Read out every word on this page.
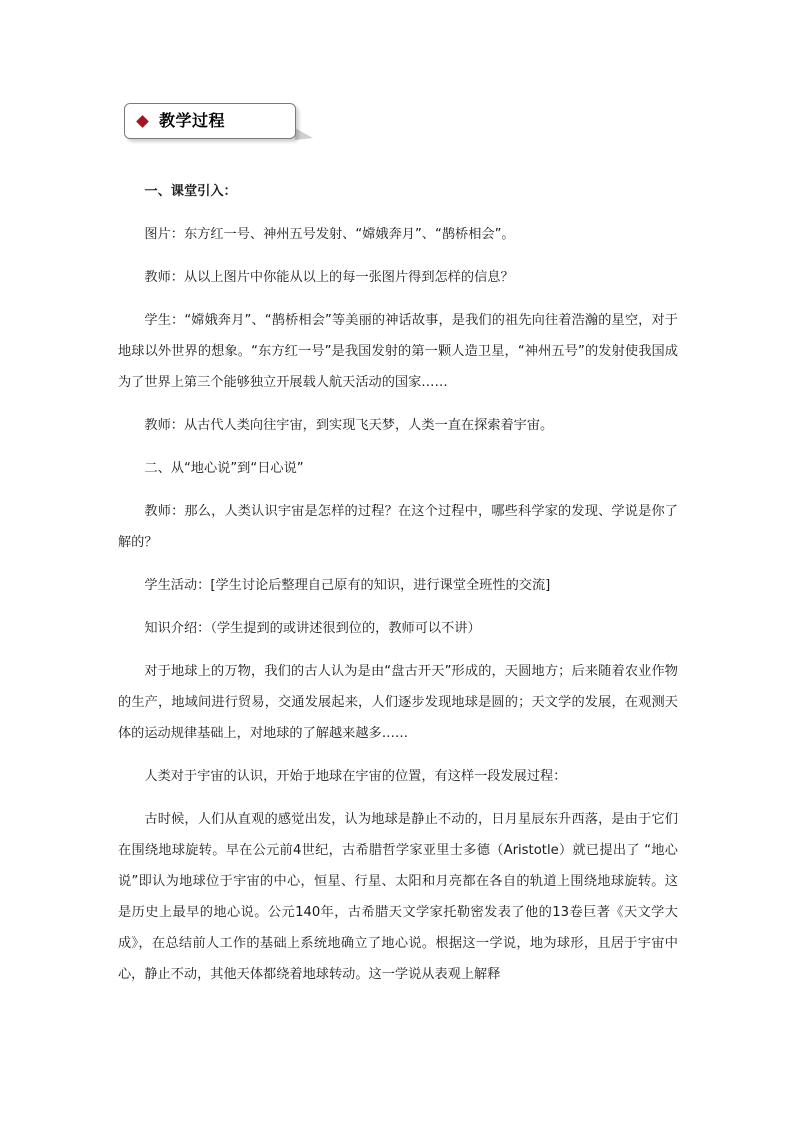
教学过程

一、课堂引入：

图片：东方红一号、神州五号发射、“嫦娥奔月”、“鹊桥相会”。

教师：从以上图片中你能从以上的每一张图片得到怎样的信息？

学生：“嫦娥奔月”、“鹊桥相会”等美丽的神话故事，是我们的祖先向往着浩瀚的星空，对于地球以外世界的想象。“东方红一号”是我国发射的第一颗人造卫星，“神州五号”的发射使我国成为了世界上第三个能够独立开展载人航天活动的国家……

教师：从古代人类向往宇宙，到实现飞天梦，人类一直在探索着宇宙。

二、从“地心说”到“日心说”

教师：那么，人类认识宇宙是怎样的过程？在这个过程中，哪些科学家的发现、学说是你了解的？

学生活动：[学生讨论后整理自己原有的知识，进行课堂全班性的交流]

知识介绍：（学生提到的或讲述很到位的，教师可以不讲）

对于地球上的万物，我们的古人认为是由“盘古开天”形成的，天圆地方；后来随着农业作物的生产，地域间进行贸易，交通发展起来，人们逐步发现地球是圆的；天文学的发展，在观测天体的运动规律基础上，对地球的了解越来越多……

人类对于宇宙的认识，开始于地球在宇宙的位置，有这样一段发展过程：

古时候，人们从直观的感觉出发，认为地球是静止不动的，日月星辰东升西落，是由于它们在围绕地球旋转。早在公元前4世纪，古希腊哲学家亚里士多德（Aristotle）就已提出了 “地心说”即认为地球位于宇宙的中心，恒星、行星、太阳和月亮都在各自的轨道上围绕地球旋转。这是历史上最早的地心说。公元140年，古希腊天文学家托勒密发表了他的13卷巨著《天文学大成》，在总结前人工作的基础上系统地确立了地心说。根据这一学说，地为球形，且居于宇宙中心，静止不动，其他天体都绕着地球转动。这一学说从表观上解释
